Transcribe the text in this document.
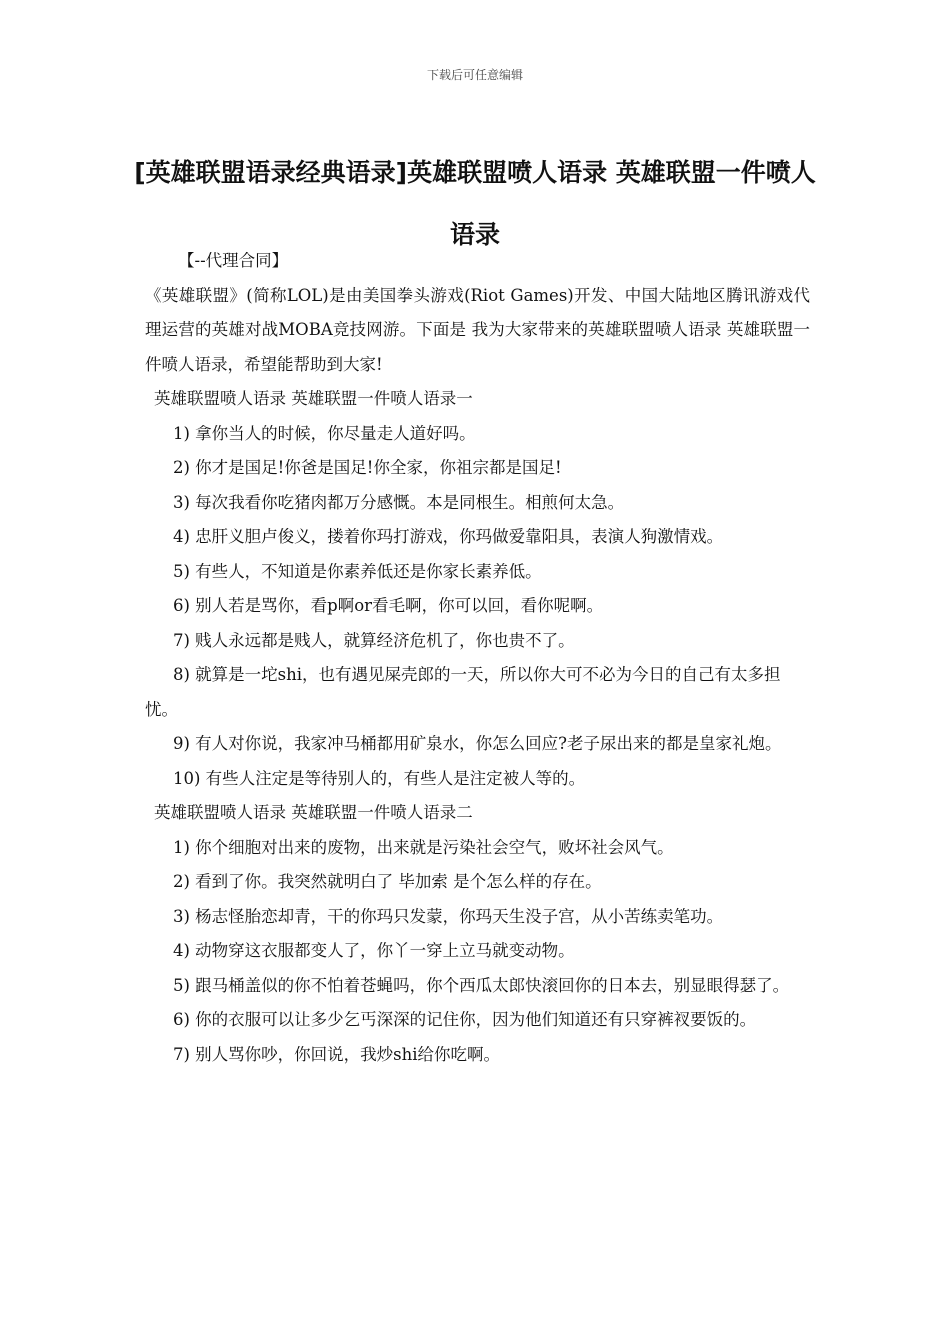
下载后可任意编辑
[英雄联盟语录经典语录]英雄联盟喷人语录 英雄联盟一件喷人语录

【--代理合同】

《英雄联盟》(简称LOL)是由美国拳头游戏(Riot Games)开发、中国大陆地区腾讯游戏代理运营的英雄对战MOBA竞技网游。下面是 我为大家带来的英雄联盟喷人语录 英雄联盟一件喷人语录，希望能帮助到大家!

英雄联盟喷人语录 英雄联盟一件喷人语录一

1) 拿你当人的时候，你尽量走人道好吗。

2) 你才是国足!你爸是国足!你全家，你祖宗都是国足!

3) 每次我看你吃猪肉都万分感慨。本是同根生。相煎何太急。

4) 忠肝义胆卢俊义，搂着你玛打游戏，你玛做爱靠阳具，表演人狗激情戏。

5) 有些人，不知道是你素养低还是你家长素养低。

6) 别人若是骂你，看p啊or看毛啊，你可以回，看你呢啊。

7) 贱人永远都是贱人，就算经济危机了，你也贵不了。

8) 就算是一坨shi，也有遇见屎壳郎的一天，所以你大可不必为今日的自己有太多担忧。

9) 有人对你说，我家冲马桶都用矿泉水，你怎么回应?老子尿出来的都是皇家礼炮。

10) 有些人注定是等待别人的，有些人是注定被人等的。

英雄联盟喷人语录 英雄联盟一件喷人语录二

1) 你个细胞对出来的废物，出来就是污染社会空气，败坏社会风气。

2) 看到了你。我突然就明白了 毕加索 是个怎么样的存在。

3) 杨志怪胎恋却青，干的你玛只发蒙，你玛天生没子宫，从小苦练卖笔功。

4) 动物穿这衣服都变人了，你丫一穿上立马就变动物。

5) 跟马桶盖似的你不怕着苍蝇吗，你个西瓜太郎快滚回你的日本去，别显眼得瑟了。

6) 你的衣服可以让多少乞丐深深的记住你，因为他们知道还有只穿裤衩要饭的。

7) 别人骂你吵，你回说，我炒shi给你吃啊。
